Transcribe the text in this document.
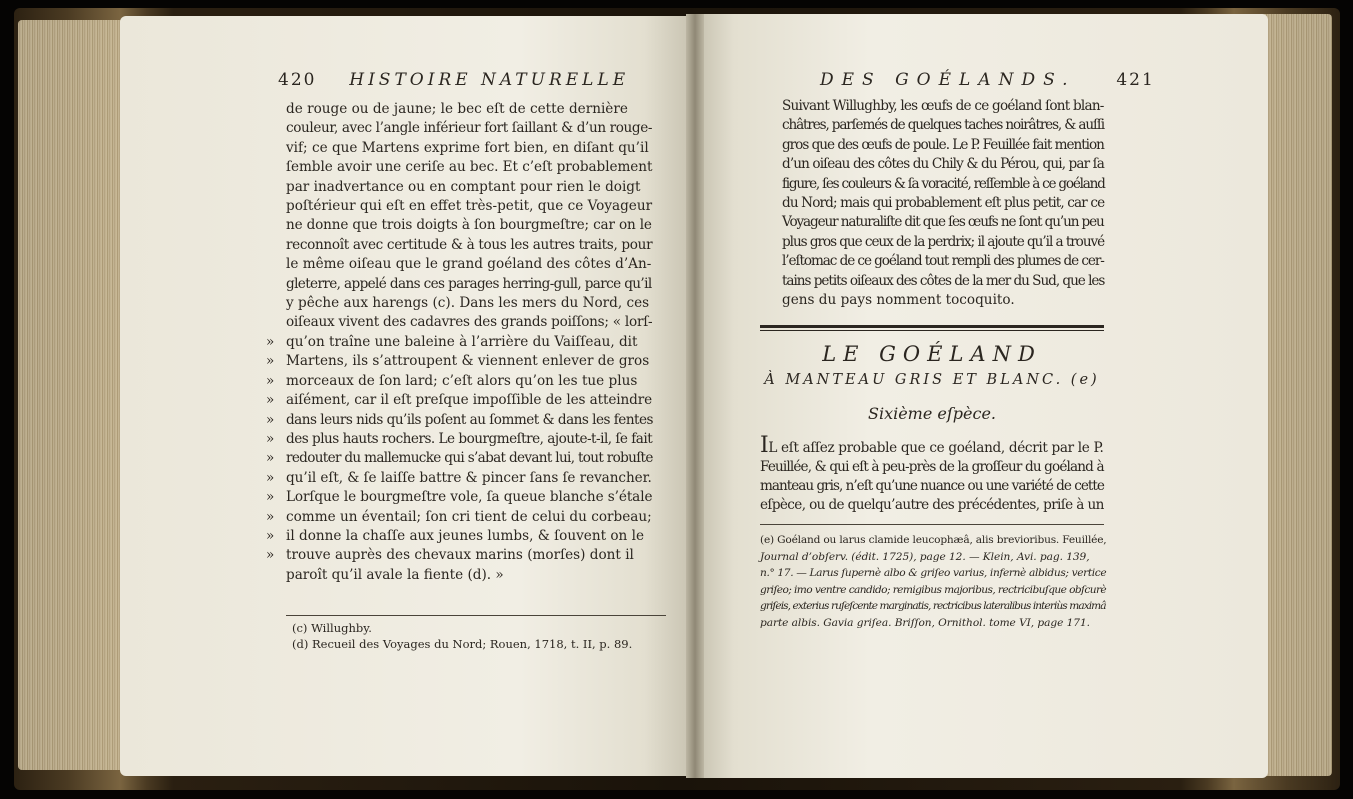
420 HISTOIRE NATURELLE
de rouge ou de jaune; le bec eſt de cette dernière
couleur, avec l’angle inférieur fort ſaillant & d’un rouge-
vif; ce que Martens exprime fort bien, en diſant qu’il
ſemble avoir une ceriſe au bec. Et c’eſt probablement
par inadvertance ou en comptant pour rien le doigt
poſtérieur qui eſt en effet très-petit, que ce Voyageur
ne donne que trois doigts à ſon bourgmeſtre; car on le
reconnoît avec certitude & à tous les autres traits, pour
le même oiſeau que le grand goéland des côtes d’An-
gleterre, appelé dans ces parages herring-gull, parce qu’il
y pêche aux harengs (c). Dans les mers du Nord, ces
oiſeaux vivent des cadavres des grands poiſſons; « lorſ-
» qu’on traîne une baleine à l’arrière du Vaiſſeau, dit
» Martens, ils s’attroupent & viennent enlever de gros
» morceaux de ſon lard; c’eſt alors qu’on les tue plus
» aiſément, car il eſt preſque impoſſible de les atteindre
» dans leurs nids qu’ils poſent au ſommet & dans les fentes
» des plus hauts rochers. Le bourgmeſtre, ajoute-t-il, ſe fait
» redouter du mallemucke qui s’abat devant lui, tout robuſte
» qu’il eſt, & ſe laiſſe battre & pincer ſans ſe revancher.
» Lorſque le bourgmeſtre vole, ſa queue blanche s’étale
» comme un éventail; ſon cri tient de celui du corbeau;
» il donne la chaſſe aux jeunes lumbs, & ſouvent on le
» trouve auprès des chevaux marins (morſes) dont il
paroît qu’il avale la fiente (d). »
(c) Willughby.
(d) Recueil des Voyages du Nord; Rouen, 1718, t. II, p. 89.
DES GOÉLANDS. 421
Suivant Willughby, les œufs de ce goéland ſont blan-
châtres, parſemés de quelques taches noirâtres, & auſſi
gros que des œufs de poule. Le P. Feuillée fait mention
d’un oiſeau des côtes du Chily & du Pérou, qui, par ſa
figure, ſes couleurs & ſa voracité, reſſemble à ce goéland
du Nord; mais qui probablement eſt plus petit, car ce
Voyageur naturaliſte dit que ſes œufs ne ſont qu’un peu
plus gros que ceux de la perdrix; il ajoute qu’il a trouvé
l’eſtomac de ce goéland tout rempli des plumes de cer-
tains petits oiſeaux des côtes de la mer du Sud, que les
gens du pays nomment tocoquito.
LE GOÉLAND
À MANTEAU GRIS ET BLANC. (e)
Sixième eſpèce.
IL eſt aſſez probable que ce goéland, décrit par le P.
Feuillée, & qui eſt à peu-près de la groſſeur du goéland à
manteau gris, n’eſt qu’une nuance ou une variété de cette
eſpèce, ou de quelqu’autre des précédentes, priſe à un
(e) Goéland ou larus clamide leucophæâ, alis brevioribus. Feuillée,
Journal d’obſerv. (édit. 1725), page 12. — Klein, Avi. pag. 139,
n.° 17. — Larus ſupernè albo & griſeo varius, infernè albidus; vertice
griſeo; imo ventre candido; remigibus majoribus, rectricibuſque obſcurè
griſeis, exterius ruſeſcente marginatis, rectricibus lateralibus interiùs maximâ
parte albis. Gavia griſea. Briſſon, Ornithol. tome VI, page 171.
